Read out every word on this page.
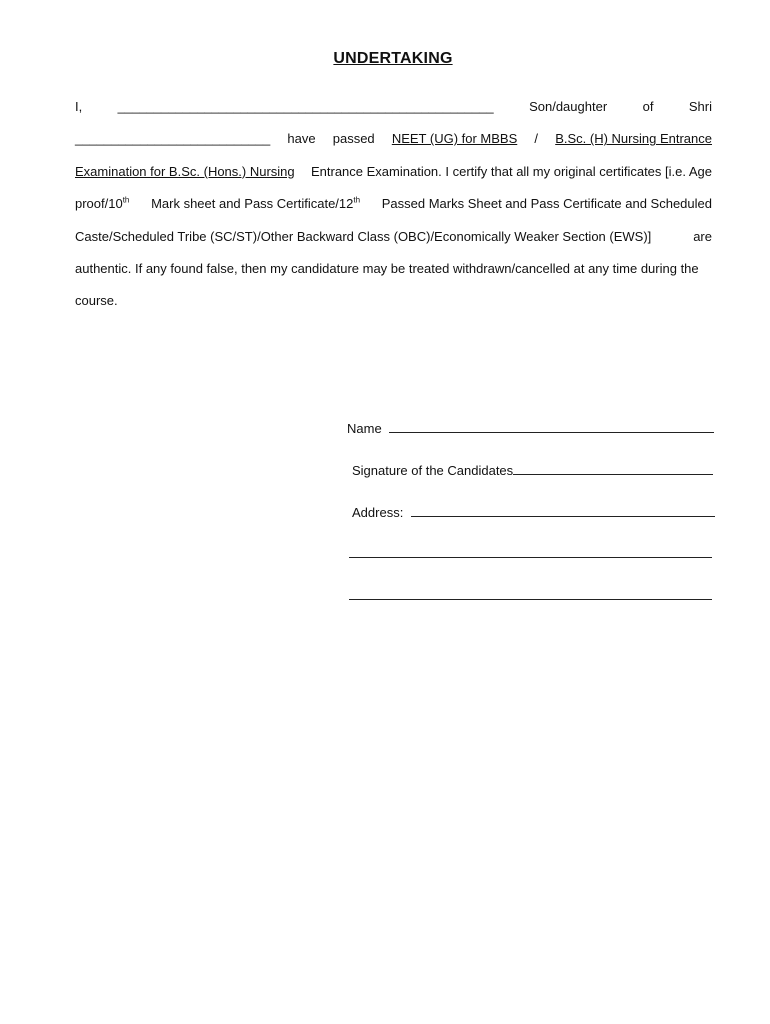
UNDERTAKING
I,	____________________________________________________	Son/daughter	of	Shri
___________________________ have passed NEET (UG) for MBBS / B.Sc. (H) Nursing Entrance
Examination for B.Sc. (Hons.) Nursing Entrance Examination. I certify that all my original certificates [i.e. Age
proof/10th Mark sheet and Pass Certificate/12th Passed Marks Sheet and Pass Certificate and Scheduled
Caste/Scheduled Tribe (SC/ST)/Other Backward Class (OBC)/Economically Weaker Section (EWS)]	are
authentic. If any found false, then my candidature may be treated withdrawn/cancelled at any time during the
course.
Name
Signature of the Candidates
Address:
